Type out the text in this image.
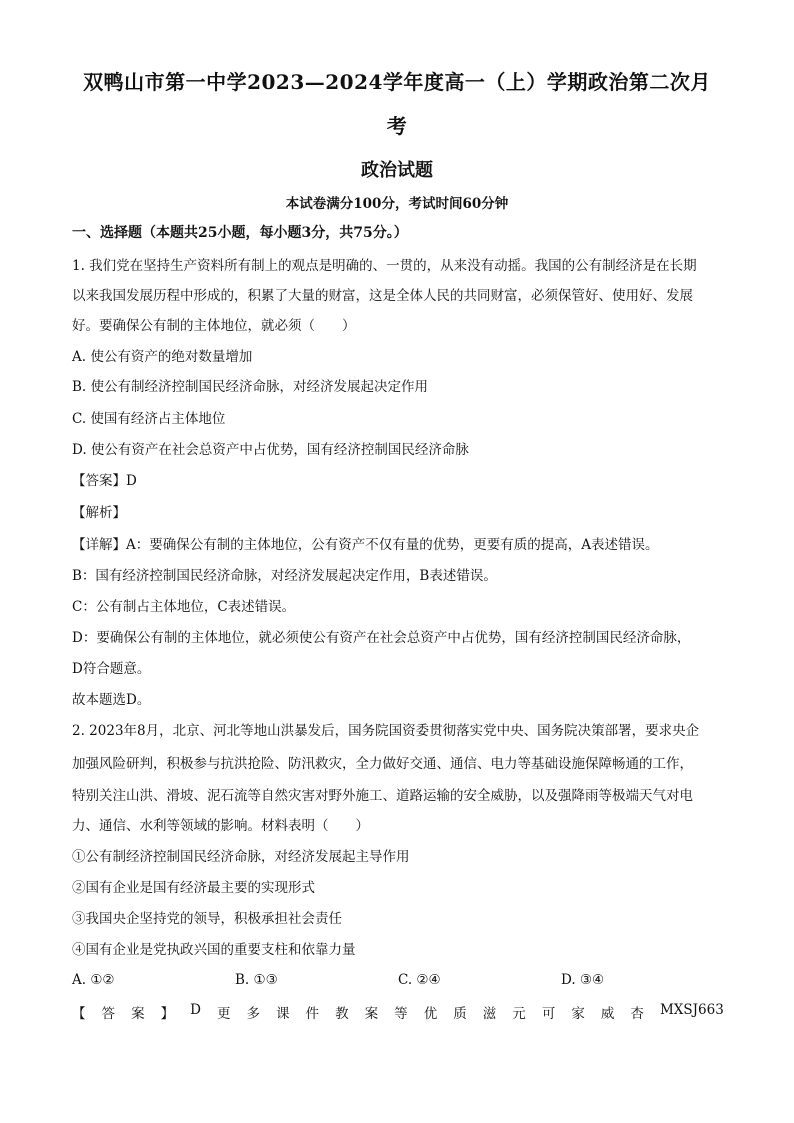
双鸭山市第一中学2023—2024学年度高一（上）学期政治第二次月
考
政治试题
本试卷满分100分，考试时间60分钟
一、选择题（本题共25小题，每小题3分，共75分。）
1. 我们党在坚持生产资料所有制上的观点是明确的、一贯的，从来没有动摇。我国的公有制经济是在长期
以来我国发展历程中形成的，积累了大量的财富，这是全体人民的共同财富，必须保管好、使用好、发展
好。要确保公有制的主体地位，就必须（　　）
A. 使公有资产的绝对数量增加
B. 使公有制经济控制国民经济命脉，对经济发展起决定作用
C. 使国有经济占主体地位
D. 使公有资产在社会总资产中占优势，国有经济控制国民经济命脉
【答案】D
【解析】
【详解】A：要确保公有制的主体地位，公有资产不仅有量的优势，更要有质的提高，A表述错误。
B：国有经济控制国民经济命脉，对经济发展起决定作用，B表述错误。
C：公有制占主体地位，C表述错误。
D：要确保公有制的主体地位，就必须使公有资产在社会总资产中占优势，国有经济控制国民经济命脉，
D符合题意。
故本题选D。
2. 2023年8月，北京、河北等地山洪暴发后，国务院国资委贯彻落实党中央、国务院决策部署，要求央企
加强风险研判，积极参与抗洪抢险、防汛救灾，全力做好交通、通信、电力等基础设施保障畅通的工作，
特别关注山洪、滑坡、泥石流等自然灾害对野外施工、道路运输的安全威胁，以及强降雨等极端天气对电
力、通信、水利等领域的影响。材料表明（　　）
①公有制经济控制国民经济命脉，对经济发展起主导作用
②国有企业是国有经济最主要的实现形式
③我国央企坚持党的领导，积极承担社会责任
④国有企业是党执政兴国的重要支柱和依靠力量
A. ①②	B. ①③	C. ②④	D. ③④
【 答 案 】 D 更 多 课 件 教 案 等 优 质 滋 元 可 家 威 杏 MXSJ663
